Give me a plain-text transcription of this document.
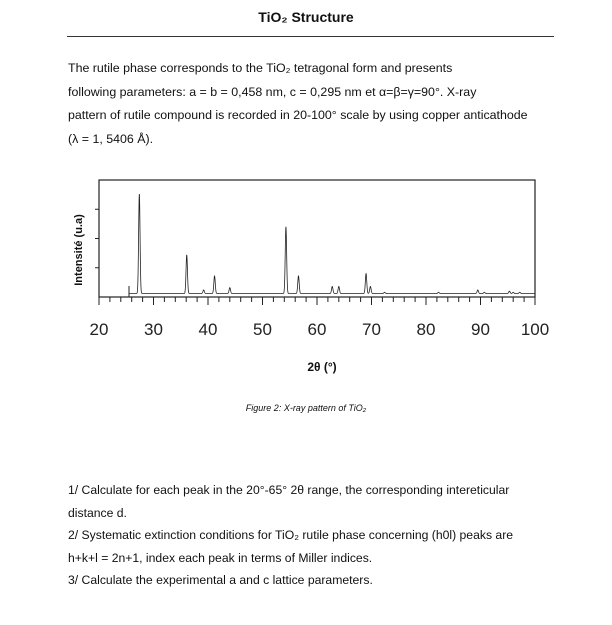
TiO₂ Structure

The rutile phase corresponds to the TiO₂ tetragonal form and presents

following parameters: a = b = 0,458 nm, c = 0,295 nm et α=β=γ=90°. X-ray

pattern of rutile compound is recorded in 20-100° scale by using copper anticathode

(λ = 1, 5406 Å).

20 30 40 50 60 70 80 90 100
2θ (°)
Intensité (u.a)
Figure 2: X-ray pattern of TiO₂

1/ Calculate for each peak in the 20°-65° 2θ range, the corresponding intereticular

distance d.

2/ Systematic extinction conditions for TiO₂ rutile phase concerning (h0l) peaks are

h+k+l = 2n+1, index each peak in terms of Miller indices.

3/ Calculate the experimental a and c lattice parameters.
